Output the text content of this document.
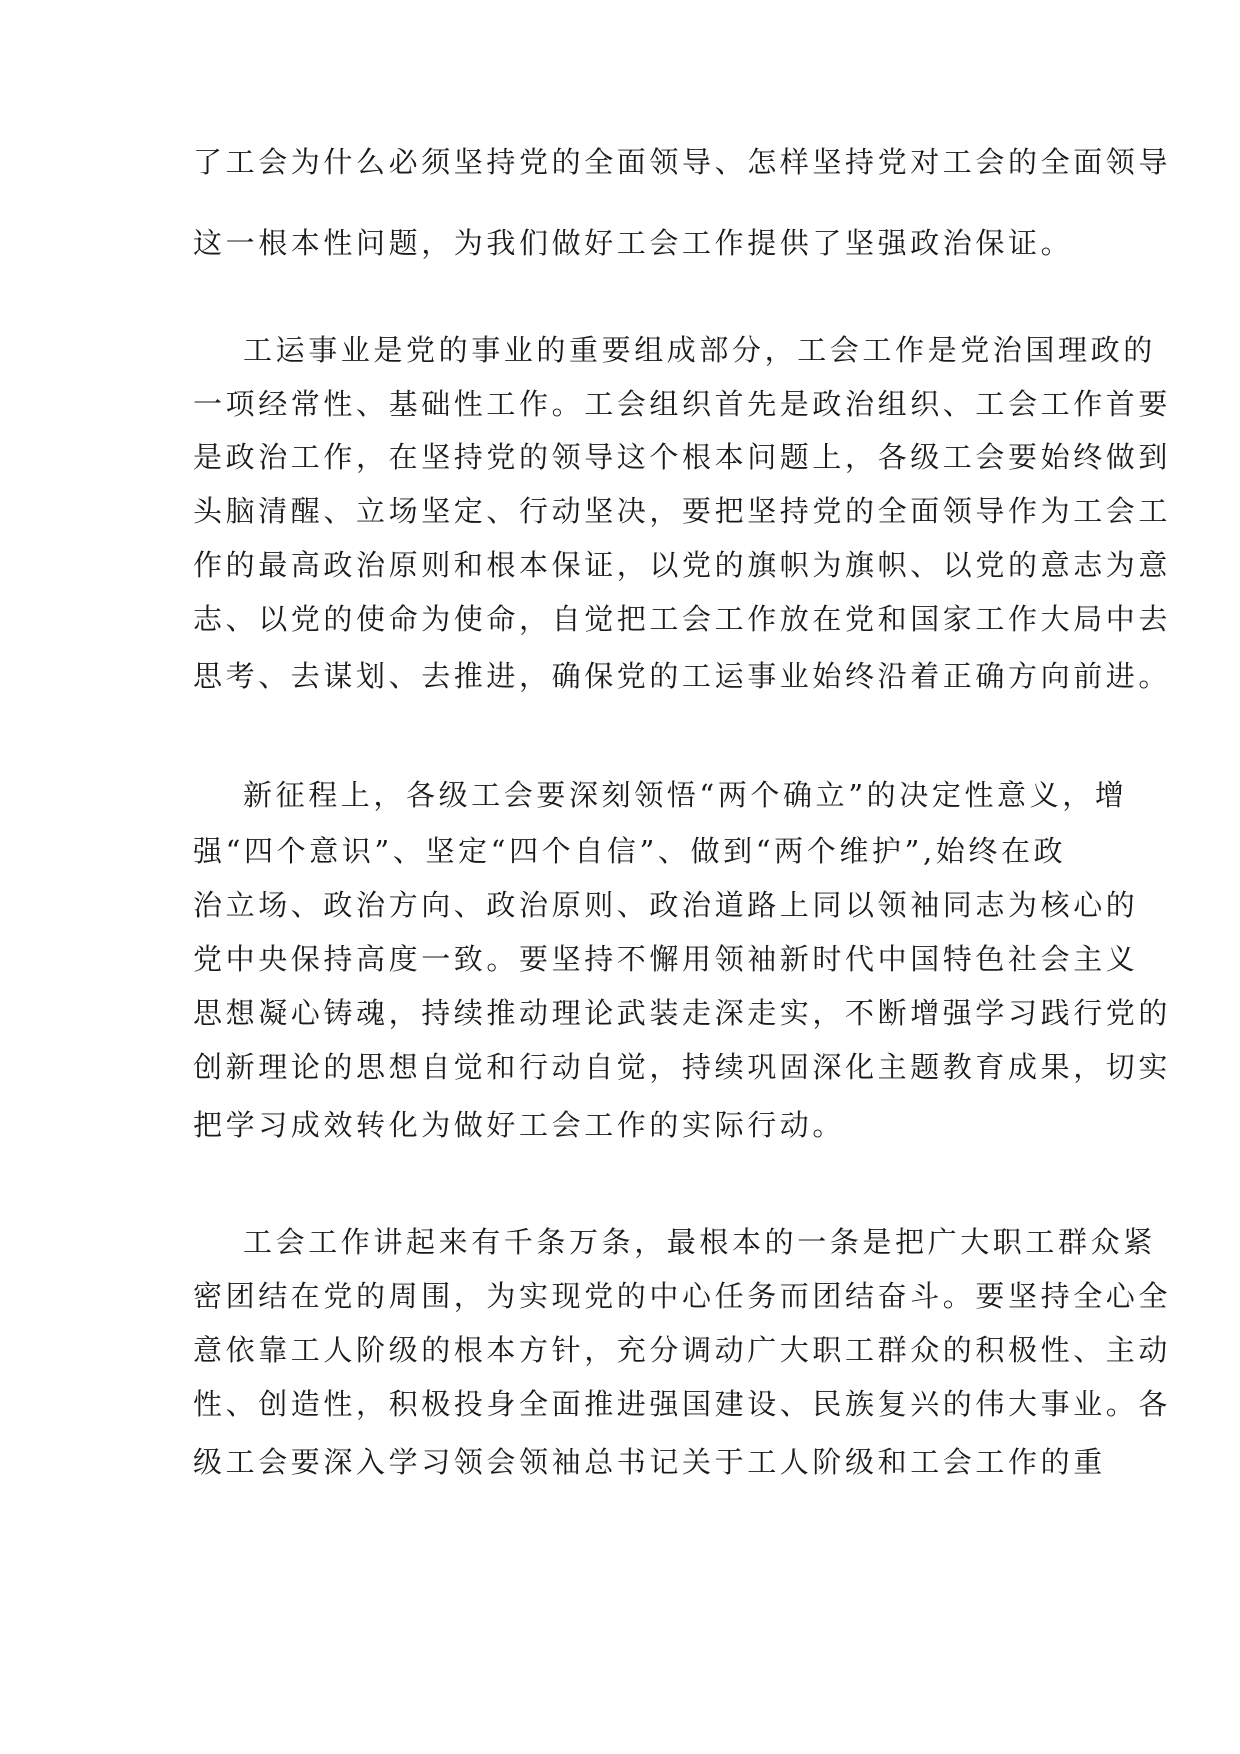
了工会为什么必须坚持党的全面领导、怎样坚持党对工会的全面领导
这一根本性问题，为我们做好工会工作提供了坚强政治保证。
工运事业是党的事业的重要组成部分，工会工作是党治国理政的
一项经常性、基础性工作。工会组织首先是政治组织、工会工作首要
是政治工作，在坚持党的领导这个根本问题上，各级工会要始终做到
头脑清醒、立场坚定、行动坚决，要把坚持党的全面领导作为工会工
作的最高政治原则和根本保证，以党的旗帜为旗帜、以党的意志为意
志、以党的使命为使命，自觉把工会工作放在党和国家工作大局中去
思考、去谋划、去推进，确保党的工运事业始终沿着正确方向前进。
新征程上，各级工会要深刻领悟“两个确立”的决定性意义，增
强“四个意识”、坚定“四个自信”、做到“两个维护”,始终在政
治立场、政治方向、政治原则、政治道路上同以领袖同志为核心的
党中央保持高度一致。要坚持不懈用领袖新时代中国特色社会主义
思想凝心铸魂，持续推动理论武装走深走实，不断增强学习践行党的
创新理论的思想自觉和行动自觉，持续巩固深化主题教育成果，切实
把学习成效转化为做好工会工作的实际行动。
工会工作讲起来有千条万条，最根本的一条是把广大职工群众紧
密团结在党的周围，为实现党的中心任务而团结奋斗。要坚持全心全
意依靠工人阶级的根本方针，充分调动广大职工群众的积极性、主动
性、创造性，积极投身全面推进强国建设、民族复兴的伟大事业。各
级工会要深入学习领会领袖总书记关于工人阶级和工会工作的重
